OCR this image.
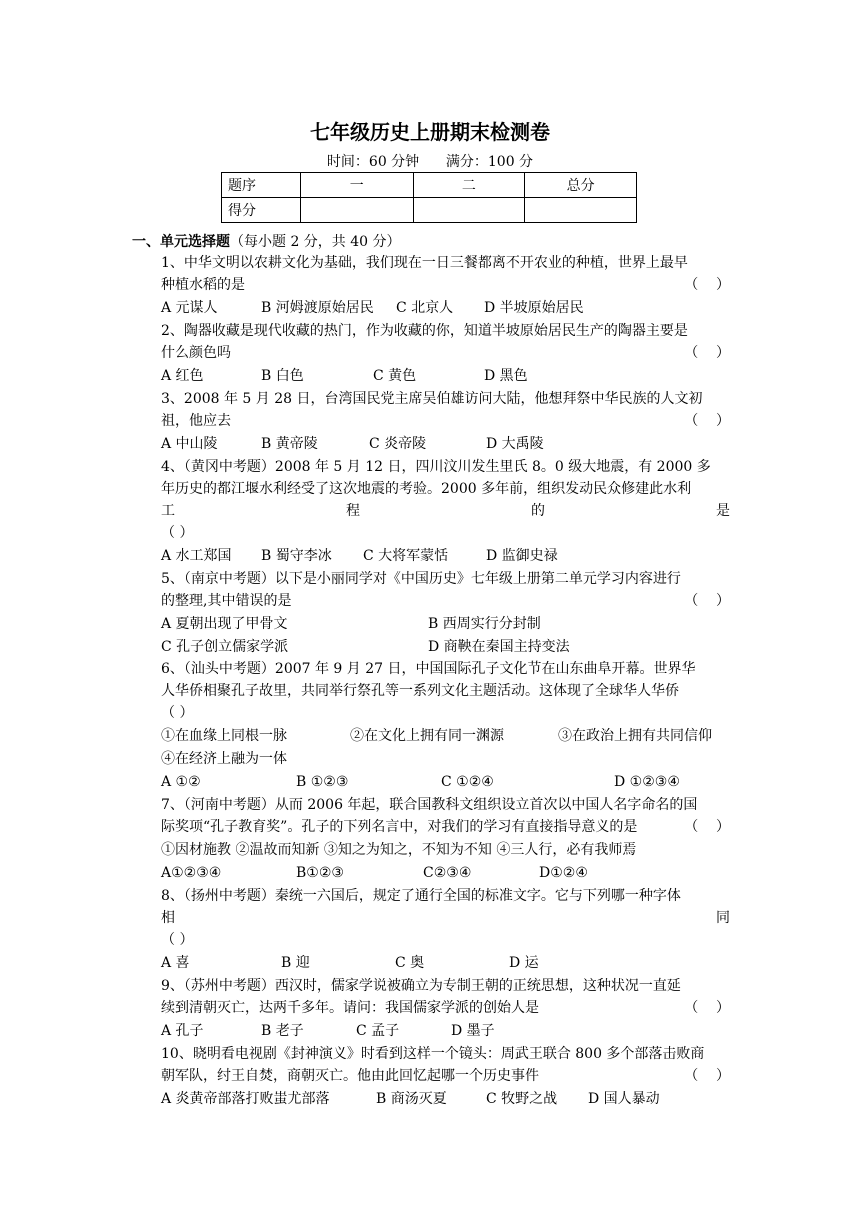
七年级历史上册期末检测卷
时间：60 分钟      满分：100 分
题序	一	二	总分
得分			
一、单元选择题（每小题 2 分，共 40 分）
1、中华文明以农耕文化为基础，我们现在一日三餐都离不开农业的种植，世界上最早
种植水稻的是	（    ）
A 元谋人	B 河姆渡原始居民 C 北京人 D 半坡原始居民
2、陶器收藏是现代收藏的热门，作为收藏的你，知道半坡原始居民生产的陶器主要是
什么颜色吗	（    ）
A 红色	B 白色	C 黄色	D 黑色
3、2008 年 5 月 28 日，台湾国民党主席吴伯雄访问大陆，他想拜祭中华民族的人文初
祖，他应去	（    ）
A 中山陵	B 黄帝陵	C 炎帝陵	D 大禹陵
4、（黄冈中考题）2008 年 5 月 12 日，四川汶川发生里氏 8。0 级大地震，有 2000 多
年历史的都江堰水利经受了这次地震的考验。2000 多年前，组织发动民众修建此水利
工	程	的	是
（ ）
A 水工郑国 B 蜀守李冰 C 大将军蒙恬	D 监御史禄
5、（南京中考题）以下是小丽同学对《中国历史》七年级上册第二单元学习内容进行
的整理,其中错误的是	（    ）
A 夏朝出现了甲骨文	B 西周实行分封制
C 孔子创立儒家学派	D 商鞅在秦国主持变法
6、（汕头中考题）2007 年 9 月 27 日，中国国际孔子文化节在山东曲阜开幕。世界华
人华侨相聚孔子故里，共同举行祭孔等一系列文化主题活动。这体现了全球华人华侨
（ ）
①在血缘上同根一脉	②在文化上拥有同一渊源	③在政治上拥有共同信仰
④在经济上融为一体
A ①②	B ①②③	C ①②④	D ①②③④
7、（河南中考题）从而 2006 年起，联合国教科文组织设立首次以中国人名字命名的国
际奖项“孔子教育奖”。孔子的下列名言中，对我们的学习有直接指导意义的是	（    ）
①因材施教 ②温故而知新 ③知之为知之，不知为不知 ④三人行，必有我师焉
A①②③④	B①②③	C②③④	D①②④
8、（扬州中考题）秦统一六国后，规定了通行全国的标准文字。它与下列哪一种字体
相	同
（ ）
A 喜	B 迎	C 奥	D 运
9、（苏州中考题）西汉时，儒家学说被确立为专制王朝的正统思想，这种状况一直延
续到清朝灭亡，达两千多年。请问：我国儒家学派的创始人是	（    ）
A 孔子	B 老子	C 孟子	D 墨子
10、晓明看电视剧《封神演义》时看到这样一个镜头：周武王联合 800 多个部落击败商
朝军队，纣王自焚，商朝灭亡。他由此回忆起哪一个历史事件	（    ）
A 炎黄帝部落打败蚩尤部落	B 商汤灭夏	C 牧野之战 D 国人暴动
